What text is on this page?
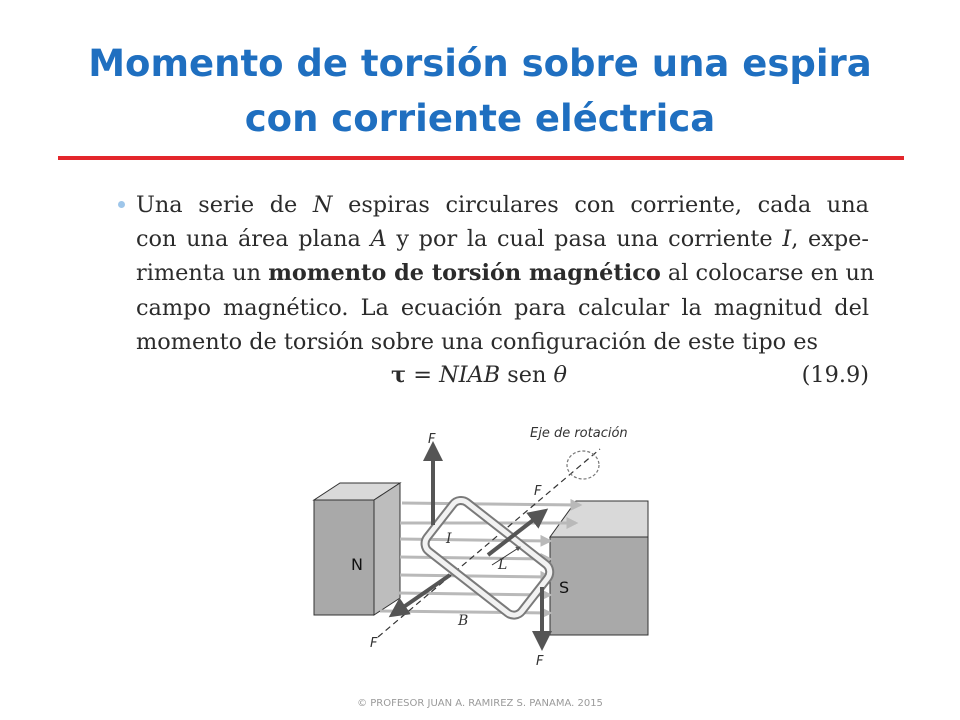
Momento de torsión sobre una espira
con corriente eléctrica
Una serie de N espiras circulares con corriente, cada una
con una área plana A y por la cual pasa una corriente I, expe-
rimenta un momento de torsión magnético al colocarse en un
campo magnético. La ecuación para calcular la magnitud del
momento de torsión sobre una configuración de este tipo es
τ = NIAB sen θ	(19.9)
Eje de rotación
F
F
F
F
N
S
I
L
B
© PROFESOR JUAN A. RAMIREZ S. PANAMA. 2015
